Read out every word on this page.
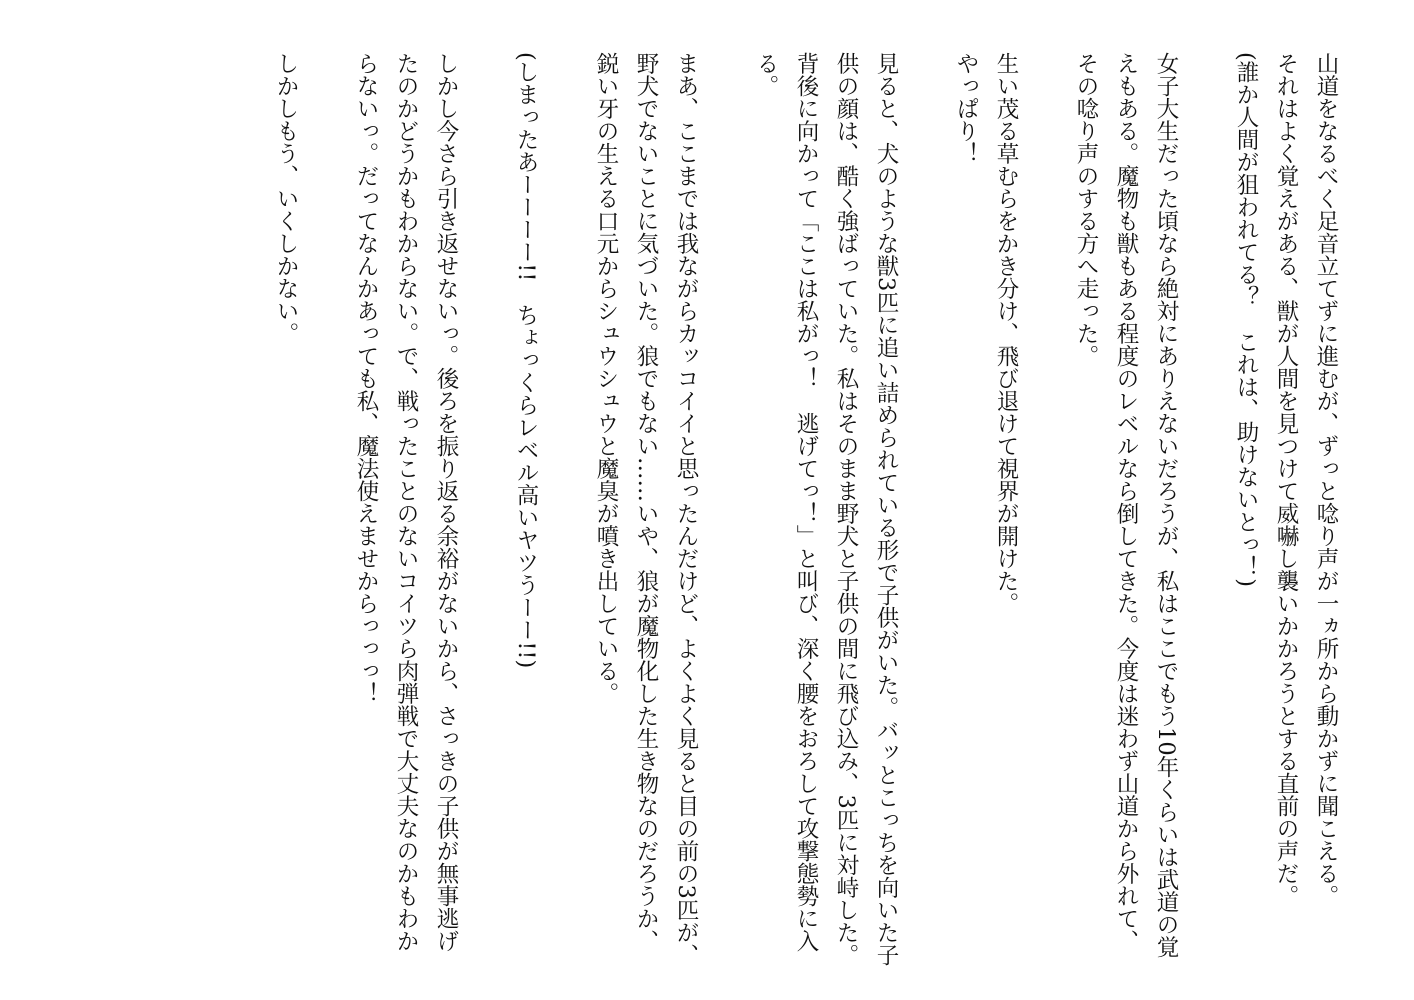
山道をなるべく足音立てずに進むが、ずっと唸り声が一ヵ所から動かずに聞こえる。

それはよく覚えがある、獣が人間を見つけて威嚇し襲いかかろうとする直前の声だ。

(誰か人間が狙われてる？　これは、助けないとっ！)

女子大生だった頃なら絶対にありえないだろうが、私はここでもう10年くらいは武道の覚えもある。魔物も獣もある程度のレベルなら倒してきた。今度は迷わず山道から外れて、その唸り声のする方へ走った。

生い茂る草むらをかき分け、飛び退けて視界が開けた。

やっぱり！

見ると、犬のような獣3匹に追い詰められている形で子供がいた。バッとこっちを向いた子供の顔は、酷く強ばっていた。私はそのまま野犬と子供の間に飛び込み、3匹に対峙した。背後に向かって「ここは私がっ！　逃げてっ！」と叫び、深く腰をおろして攻撃態勢に入る。

まあ、ここまでは我ながらカッコイイと思ったんだけど、よくよく見ると目の前の3匹が、野犬でないことに気づいた。狼でもない……いや、狼が魔物化した生き物なのだろうか、鋭い牙の生える口元からシュウシュウと魔臭が噴き出している。

(しまったあーーーー!!　ちょっくらレベル高いヤツうーー!!)

しかし今さら引き返せないっ。後ろを振り返る余裕がないから、さっきの子供が無事逃げたのかどうかもわからない。で、戦ったことのないコイツら肉弾戦で大丈夫なのかもわからないっ。だってなんかあっても私、魔法使えませからっっっ！

しかしもう、いくしかない。
